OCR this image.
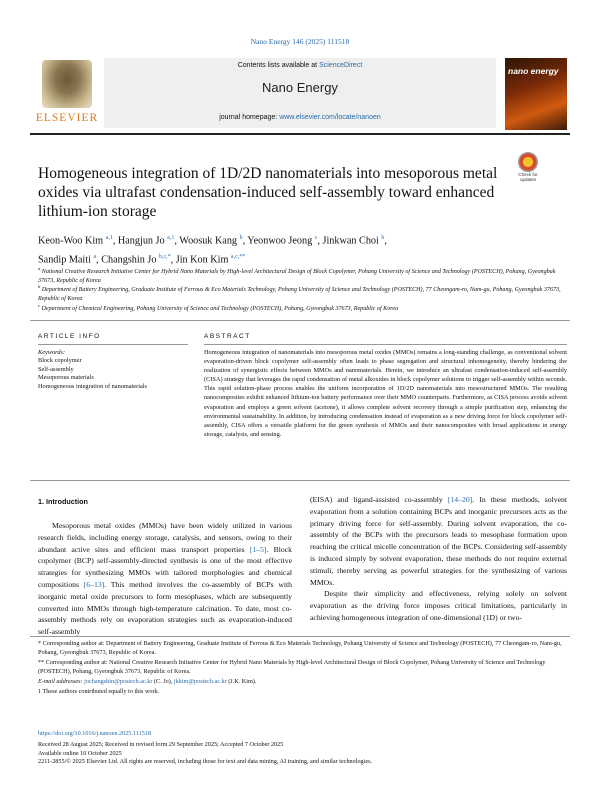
Nano Energy 146 (2025) 111518
ELSEVIER
Contents lists available at ScienceDirect
Nano Energy
journal homepage: www.elsevier.com/locate/nanoen
nano energy
Homogeneous integration of 1D/2D nanomaterials into mesoporous metal oxides via ultrafast condensation-induced self-assembly toward enhanced lithium-ion storage
Check for updates
Keon-Woo Kim $^{a,1}$, Hangjun Jo $^{a,1}$, Woosuk Kang $^b$, Yeonwoo Jeong $^c$, Jinkwan Choi $^b$,
Sandip Maiti $^a$, Changshin Jo $^{b,c,*}$, Jin Kon Kim $^{a,c,**}$
$^a$ National Creative Research Initiative Center for Hybrid Nano Materials by High-level Architectural Design of Block Copolymer, Pohang University of Science and Technology (POSTECH), Pohang, Gyeongbuk 37673, Republic of Korea
$^b$ Department of Battery Engineering, Graduate Institute of Ferrous & Eco Materials Technology, Pohang University of Science and Technology (POSTECH), 77 Cheongam-ro, Nam-gu, Pohang, Gyeongbuk 37673, Republic of Korea
$^c$ Department of Chemical Engineering, Pohang University of Science and Technology (POSTECH), Pohang, Gyeongbuk 37673, Republic of Korea
ARTICLE INFO	ABSTRACT
Keywords:
Block copolymer
Self-assembly
Mesoporous materials
Homogeneous integration of nanomaterials
Homogeneous integration of nanomaterials into mesoporous metal oxides (MMOs) remains a long-standing challenge, as conventional solvent evaporation-driven block copolymer self-assembly often leads to phase segregation and structural inhomogeneity, thereby hindering the realization of synergistic effects between MMOs and nanomaterials. Herein, we introduce an ultrafast condensation-induced self-assembly (CISA) strategy that leverages the rapid condensation of metal alkoxides in block copolymer solutions to trigger self-assembly within seconds. This rapid solution-phase process enables the uniform incorporation of 1D/2D nanomaterials into mesostructured MMOs. The resulting nanocomposites exhibit enhanced lithium-ion battery performance over their MMO counterparts. Furthermore, as CISA process avoids solvent evaporation and employs a green solvent (acetone), it allows complete solvent recovery through a simple purification step, enhancing the environmental sustainability. In addition, by introducing condensation instead of evaporation as a new driving force for block copolymer self-assembly, CISA offers a versatile platform for the green synthesis of MMOs and their nanocomposites with broad applications in energy storage, catalysis, and sensing.
1. Introduction

Mesoporous metal oxides (MMOs) have been widely utilized in various research fields, including energy storage, catalysis, and sensors, owing to their abundant active sites and efficient mass transport properties [1–5]. Block copolymer (BCP) self-assembly-directed synthesis is one of the most effective strategies for synthesizing MMOs with tailored morphologies and chemical compositions [6–13]. This method involves the co-assembly of BCPs with inorganic metal oxide precursors to form mesophases, which are subsequently converted into MMOs through high-temperature calcination. To date, most co-assembly methods rely on evaporation strategies such as evaporation-induced self-assembly

(EISA) and ligand-assisted co-assembly [14–20]. In these methods, solvent evaporation from a solution containing BCPs and inorganic precursors acts as the primary driving force for self-assembly. During solvent evaporation, the co-assembly of the BCPs with the precursors leads to mesophase formation upon reaching the critical micelle concentration of the BCPs. Considering self-assembly is induced simply by solvent evaporation, these methods do not require external stimuli, thereby serving as powerful strategies for the synthesizing of various MMOs.

Despite their simplicity and effectiveness, relying solely on solvent evaporation as the driving force imposes critical limitations, particularly in achieving homogeneous integration of one-dimensional (1D) or two-

* Corresponding author at: Department of Battery Engineering, Graduate Institute of Ferrous & Eco Materials Technology, Pohang University of Science and Technology (POSTECH), 77 Cheongam-ro, Nam-gu, Pohang, Gyeongbuk 37673, Republic of Korea.
** Corresponding author at: National Creative Research Initiative Center for Hybrid Nano Materials by High-level Architectural Design of Block Copolymer, Pohang University of Science and Technology (POSTECH), Pohang, Gyeongbuk 37673, Republic of Korea.
E-mail addresses: jochangshin@postech.ac.kr (C. Jo), jkkim@postech.ac.kr (J.K. Kim).
1 These authors contributed equally to this work.
https://doi.org/10.1016/j.nanoen.2025.111518
Received 28 August 2025; Received in revised form 29 September 2025; Accepted 7 October 2025
Available online 10 October 2025
2211-2855/© 2025 Elsevier Ltd. All rights are reserved, including those for text and data mining, AI training, and similar technologies.
